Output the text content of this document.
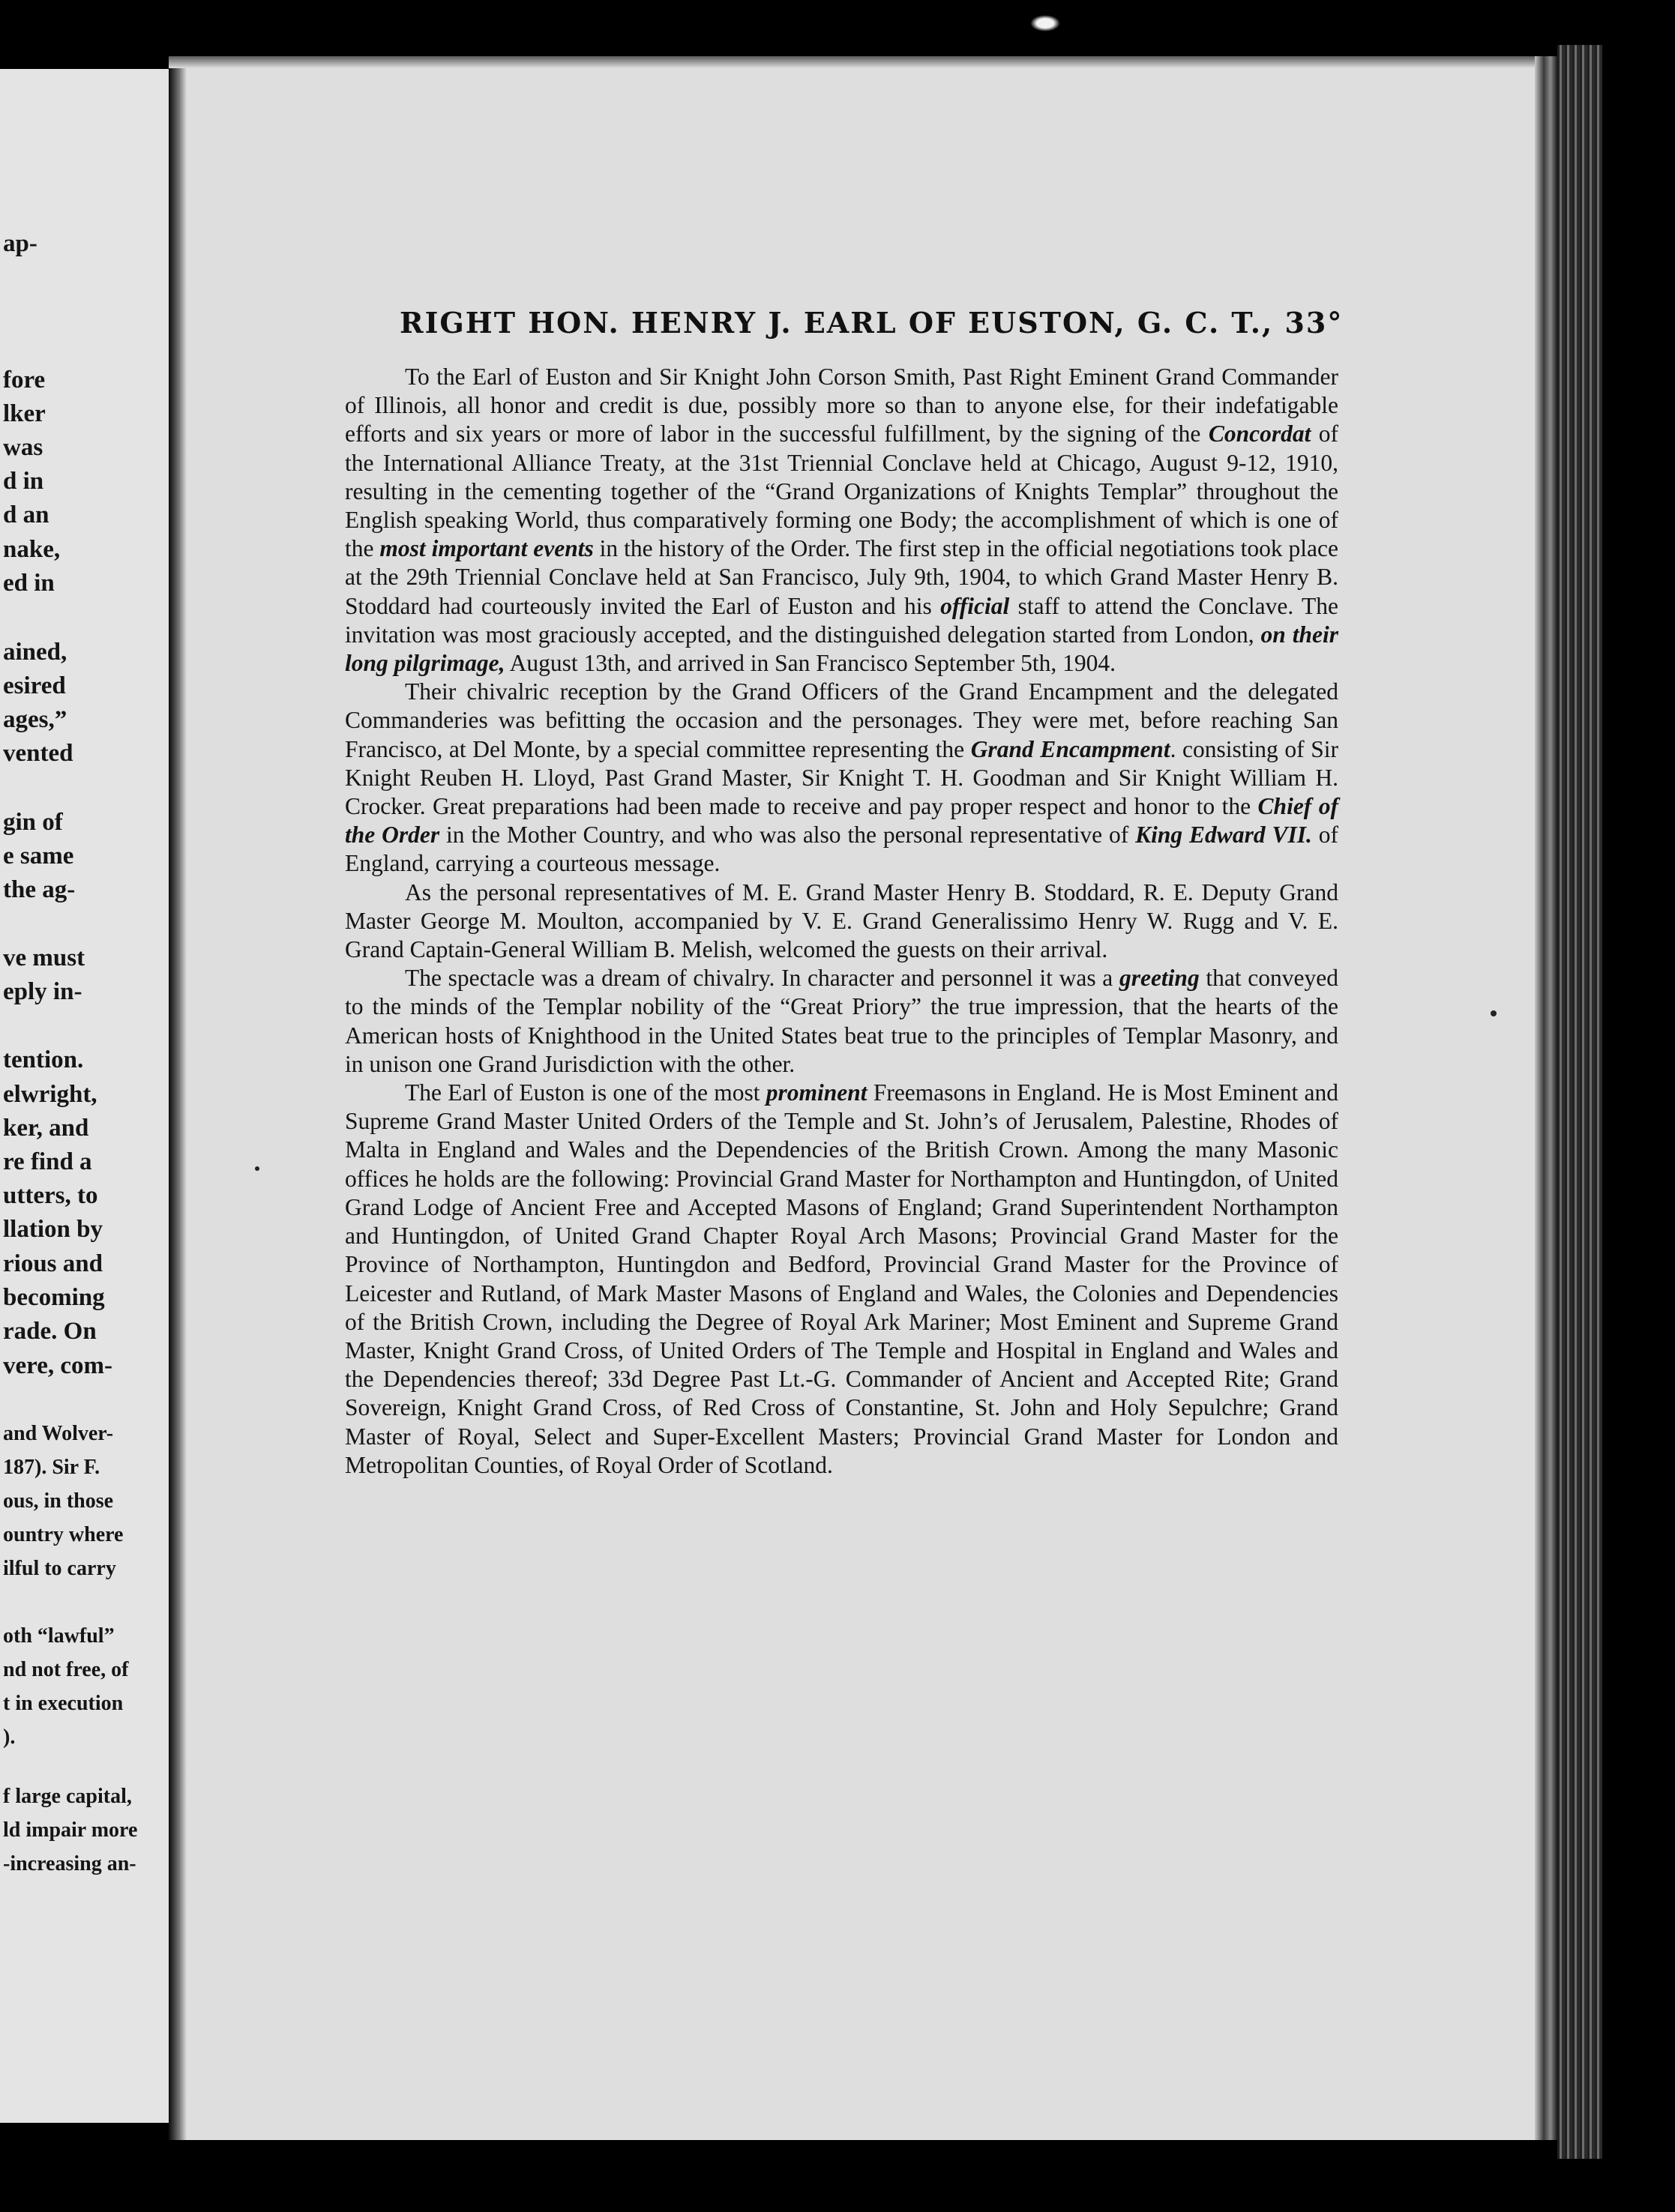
ap-
fore
lker
was
d in
d an
nake,
ed in
ained,
esired
ages,”
vented
gin of
e same
the ag-
ve must
eply in-
tention.
elwright,
ker, and
re find a
utters, to
llation by
rious and
becoming
rade. On
vere, com-
and Wolver-
187). Sir F.
ous, in those
ountry where
ilful to carry
oth “lawful”
nd not free, of
t in execution
).
f large capital,
ld impair more
-increasing an-
RIGHT HON. HENRY J. EARL OF EUSTON, G. C. T., 33°

To the Earl of Euston and Sir Knight John Corson Smith, Past Right Eminent Grand Commander of Illinois, all honor and credit is due, possibly more so than to anyone else, for their indefatigable efforts and six years or more of labor in the successful fulfillment, by the signing of the Concordat of the International Alliance Treaty, at the 31st Triennial Conclave held at Chicago, August 9-12, 1910, resulting in the cementing together of the “Grand Organizations of Knights Templar” throughout the English speaking World, thus comparatively forming one Body; the accomplishment of which is one of the most important events in the history of the Order. The first step in the official negotiations took place at the 29th Triennial Conclave held at San Francisco, July 9th, 1904, to which Grand Master Henry B. Stoddard had courteously invited the Earl of Euston and his official staff to attend the Conclave. The invitation was most graciously accepted, and the distinguished delegation started from London, on their long pilgrimage, August 13th, and arrived in San Francisco September 5th, 1904.

Their chivalric reception by the Grand Officers of the Grand Encampment and the delegated Commanderies was befitting the occasion and the personages. They were met, before reaching San Francisco, at Del Monte, by a special committee representing the Grand Encampment. consisting of Sir Knight Reuben H. Lloyd, Past Grand Master, Sir Knight T. H. Goodman and Sir Knight William H. Crocker. Great preparations had been made to receive and pay proper respect and honor to the Chief of the Order in the Mother Country, and who was also the personal representative of King Edward VII. of England, carrying a courteous message.

As the personal representatives of M. E. Grand Master Henry B. Stoddard, R. E. Deputy Grand Master George M. Moulton, accompanied by V. E. Grand Generalissimo Henry W. Rugg and V. E. Grand Captain-General William B. Melish, welcomed the guests on their arrival.

The spectacle was a dream of chivalry. In character and personnel it was a greeting that conveyed to the minds of the Templar nobility of the “Great Priory” the true impression, that the hearts of the American hosts of Knighthood in the United States beat true to the principles of Templar Masonry, and in unison one Grand Jurisdiction with the other.

The Earl of Euston is one of the most prominent Freemasons in England. He is Most Eminent and Supreme Grand Master United Orders of the Temple and St. John’s of Jerusalem, Palestine, Rhodes of Malta in England and Wales and the Dependencies of the British Crown. Among the many Masonic offices he holds are the following: Provincial Grand Master for Northampton and Huntingdon, of United Grand Lodge of Ancient Free and Accepted Masons of England; Grand Superintendent Northampton and Huntingdon, of United Grand Chapter Royal Arch Masons; Provincial Grand Master for the Province of Northampton, Huntingdon and Bedford, Provincial Grand Master for the Province of Leicester and Rutland, of Mark Master Masons of England and Wales, the Colonies and Dependencies of the British Crown, including the Degree of Royal Ark Mariner; Most Eminent and Supreme Grand Master, Knight Grand Cross, of United Orders of The Temple and Hospital in England and Wales and the Dependencies thereof; 33d Degree Past Lt.-G. Commander of Ancient and Accepted Rite; Grand Sovereign, Knight Grand Cross, of Red Cross of Constantine, St. John and Holy Sepulchre; Grand Master of Royal, Select and Super-Excellent Masters; Provincial Grand Master for London and Metropolitan Counties, of Royal Order of Scotland.
